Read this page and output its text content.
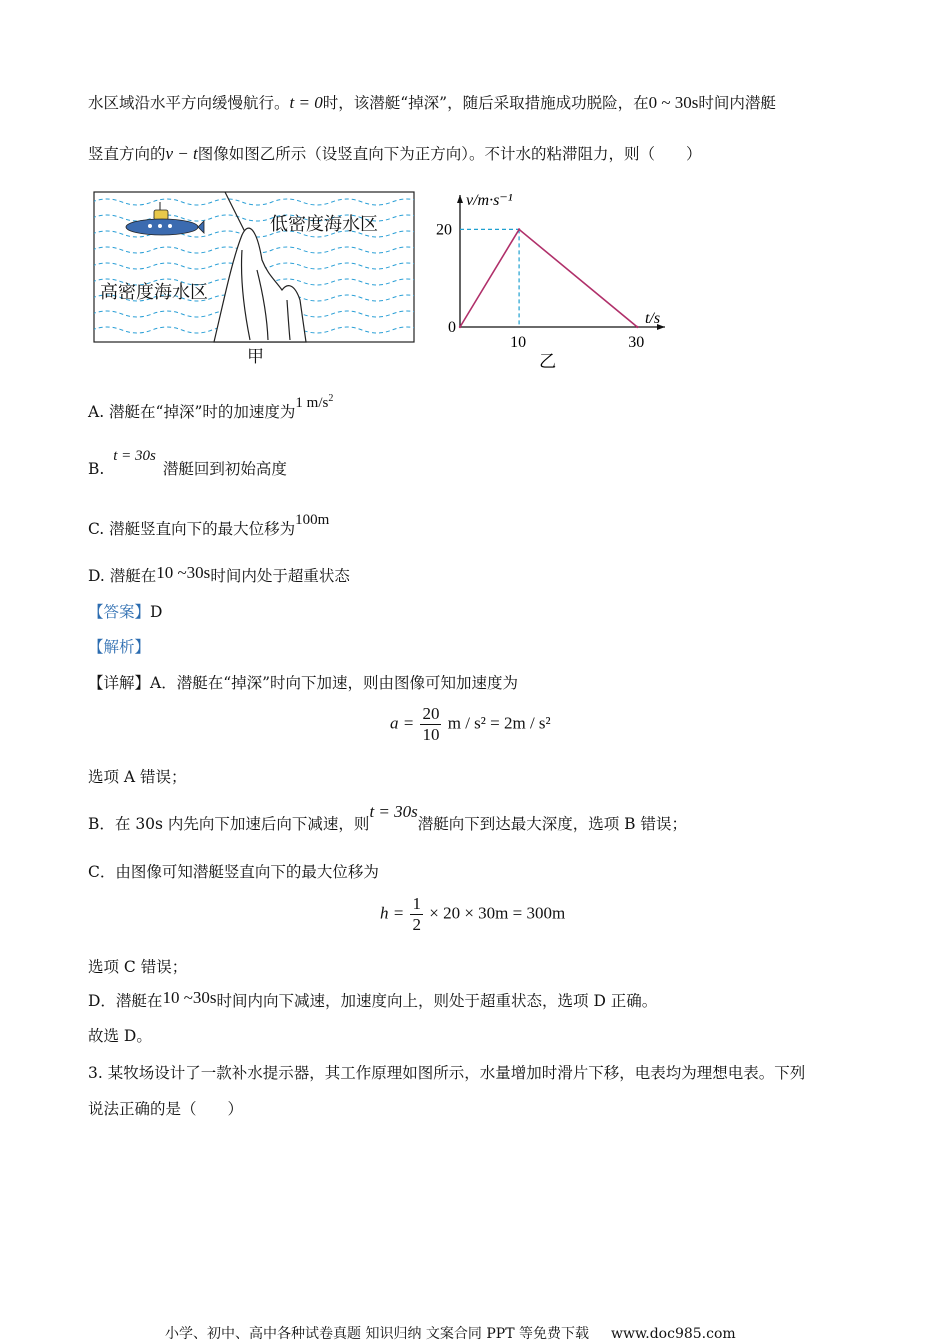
水区域沿水平方向缓慢航行。t = 0时，该潜艇“掉深”，随后采取措施成功脱险，在0 ~ 30s时间内潜艇
竖直方向的v − t图像如图乙所示（设竖直向下为正方向）。不计水的粘滞阻力，则（　　）
低密度海水区
高密度海水区
甲
v/m·s⁻¹
t/s
0
10	30
20
乙
A. 潜艇在“掉深”时的加速度为1 $m/s^2$
B. t = 30s 潜艇回到初始高度
C. 潜艇竖直向下的最大位移为100m
D. 潜艇在10 ~30s时间内处于超重状态
【答案】D
【解析】
【详解】A．潜艇在“掉深”时向下加速，则由图像可知加速度为
$a = \frac{20}{10}$ m / s² = 2m / s²
选项 A 错误；
B．在 30s 内先向下加速后向下减速，则t = 30s潜艇向下到达最大深度，选项 B 错误；
C．由图像可知潜艇竖直向下的最大位移为
$h = \frac{1}{2} \times 20 \times 30m = 300m$
选项 C 错误；
D．潜艇在10 ~30s时间内向下减速，加速度向上，则处于超重状态，选项 D 正确。
故选 D。
3. 某牧场设计了一款补水提示器，其工作原理如图所示，水量增加时滑片下移，电表均为理想电表。下列
说法正确的是（　　）
小学、初中、高中各种试卷真题 知识归纳 文案合同 PPT 等免费下载 www.doc985.com
